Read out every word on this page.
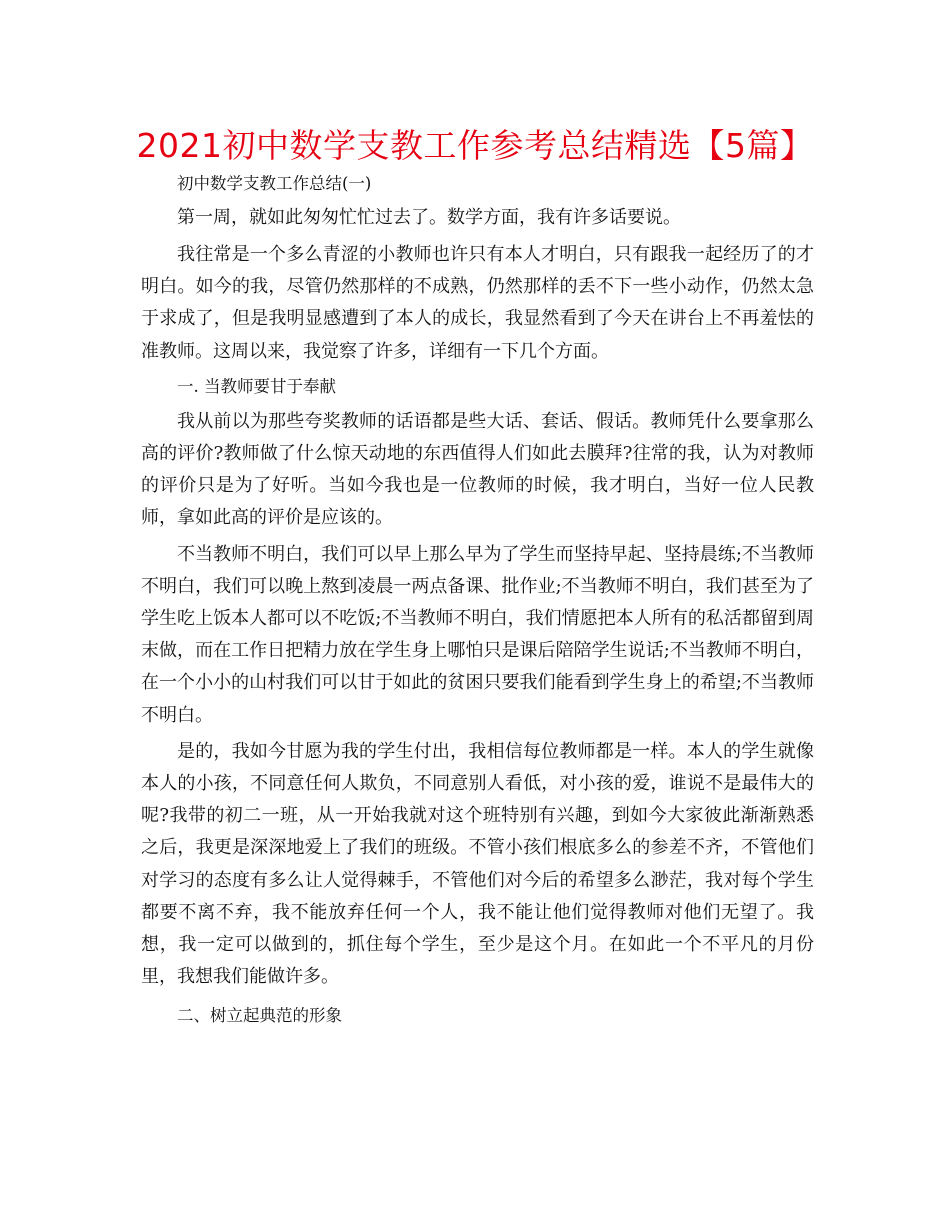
2021初中数学支教工作参考总结精选【5篇】

初中数学支教工作总结(一)

第一周，就如此匆匆忙忙过去了。数学方面，我有许多话要说。

我往常是一个多么青涩的小教师也许只有本人才明白，只有跟我一起经历了的才明白。如今的我，尽管仍然那样的不成熟，仍然那样的丢不下一些小动作，仍然太急于求成了，但是我明显感遭到了本人的成长，我显然看到了今天在讲台上不再羞怯的准教师。这周以来，我觉察了许多，详细有一下几个方面。

一. 当教师要甘于奉献

我从前以为那些夸奖教师的话语都是些大话、套话、假话。教师凭什么要拿那么高的评价?教师做了什么惊天动地的东西值得人们如此去膜拜?往常的我，认为对教师的评价只是为了好听。当如今我也是一位教师的时候，我才明白，当好一位人民教师，拿如此高的评价是应该的。

不当教师不明白，我们可以早上那么早为了学生而坚持早起、坚持晨练;不当教师不明白，我们可以晚上熬到凌晨一两点备课、批作业;不当教师不明白，我们甚至为了学生吃上饭本人都可以不吃饭;不当教师不明白，我们情愿把本人所有的私活都留到周末做，而在工作日把精力放在学生身上哪怕只是课后陪陪学生说话;不当教师不明白，在一个小小的山村我们可以甘于如此的贫困只要我们能看到学生身上的希望;不当教师不明白。

是的，我如今甘愿为我的学生付出，我相信每位教师都是一样。本人的学生就像本人的小孩，不同意任何人欺负，不同意别人看低，对小孩的爱，谁说不是最伟大的呢?我带的初二一班，从一开始我就对这个班特别有兴趣，到如今大家彼此渐渐熟悉之后，我更是深深地爱上了我们的班级。不管小孩们根底多么的参差不齐，不管他们对学习的态度有多么让人觉得棘手，不管他们对今后的希望多么渺茫，我对每个学生都要不离不弃，我不能放弃任何一个人，我不能让他们觉得教师对他们无望了。我想，我一定可以做到的，抓住每个学生，至少是这个月。在如此一个不平凡的月份里，我想我们能做许多。

二、树立起典范的形象
